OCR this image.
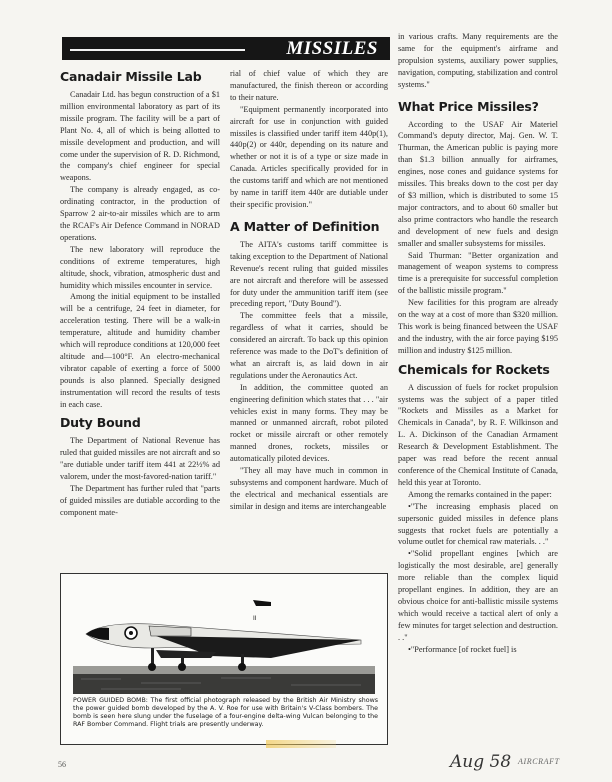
MISSILES
Canadair Missile Lab

Canadair Ltd. has begun construction of a $1 million environmental laboratory as part of its missile program. The facility will be a part of Plant No. 4, all of which is being allotted to missile development and production, and will come under the supervision of R. D. Richmond, the company's chief engineer for special weapons.

The company is already engaged, as co-ordinating contractor, in the production of Sparrow 2 air-to-air missiles which are to arm the RCAF's Air Defence Command in NORAD operations.

The new laboratory will reproduce the conditions of extreme temperatures, high altitude, shock, vibration, atmospheric dust and humidity which missiles encounter in service.

Among the initial equipment to be installed will be a centrifuge, 24 feet in diameter, for acceleration testing. There will be a walk-in temperature, altitude and humidity chamber which will reproduce conditions at 120,000 feet altitude and—100°F. An electro-mechanical vibrator capable of exerting a force of 5000 pounds is also planned. Specially designed instrumentation will record the results of tests in each case.

Duty Bound

The Department of National Revenue has ruled that guided missiles are not aircraft and so "are dutiable under tariff item 441 at 22½% ad valorem, under the most-favored-nation tariff."

The Department has further ruled that "parts of guided missiles are dutiable according to the component mate-

rial of chief value of which they are manufactured, the finish thereon or according to their nature.

"Equipment permanently incorporated into aircraft for use in conjunction with guided missiles is classified under tariff item 440p(1), 440p(2) or 440r, depending on its nature and whether or not it is of a type or size made in Canada. Articles specifically provided for in the customs tariff and which are not mentioned by name in tariff item 440r are dutiable under their specific provision."

A Matter of Definition

The AITA's customs tariff committee is taking exception to the Department of National Revenue's recent ruling that guided missiles are not aircraft and therefore will be assessed for duty under the ammunition tariff item (see preceding report, "Duty Bound").

The committee feels that a missile, regardless of what it carries, should be considered an aircraft. To back up this opinion reference was made to the DoT's definition of what an aircraft is, as laid down in air regulations under the Aeronautics Act.

In addition, the committee quoted an engineering definition which states that . . . "air vehicles exist in many forms. They may be manned or unmanned aircraft, robot piloted rocket or missile aircraft or other remotely manned drones, rockets, missiles or automatically piloted devices.

"They all may have much in common in subsystems and component hardware. Much of the electrical and mechanical essentials are similar in design and items are interchangeable

in various crafts. Many requirements are the same for the equipment's airframe and propulsion systems, auxiliary power supplies, navigation, computing, stabilization and control systems."

What Price Missiles?

According to the USAF Air Materiel Command's deputy director, Maj. Gen. W. T. Thurman, the American public is paying more than $1.3 billion annually for airframes, engines, nose cones and guidance systems for missiles. This breaks down to the cost per day of $3 million, which is distributed to some 15 major contractors, and to about 60 smaller but also prime contractors who handle the research and development of new fuels and design smaller and smaller subsystems for missiles.

Said Thurman: "Better organization and management of weapon systems to compress time is a prerequisite for successful completion of the ballistic missile program."

New facilities for this program are already on the way at a cost of more than $320 million. This work is being financed between the USAF and the industry, with the air force paying $195 million and industry $125 million.

Chemicals for Rockets

A discussion of fuels for rocket propulsion systems was the subject of a paper titled "Rockets and Missiles as a Market for Chemicals in Canada", by R. F. Wilkinson and L. A. Dickinson of the Canadian Armament Research & Development Establishment. The paper was read before the recent annual conference of the Chemical Institute of Canada, held this year at Toronto.

Among the remarks contained in the paper:

• "The increasing emphasis placed on supersonic guided missiles in defence plans suggests that rocket fuels are potentially a volume outlet for chemical raw materials. . ."

• "Solid propellant engines [which are logistically the most desirable, are] generally more reliable than the complex liquid propellant engines. In addition, they are an obvious choice for anti-ballistic missile systems which would receive a tactical alert of only a few minutes for target selection and destruction. . ."

• "Performance [of rocket fuel] is

II
POWER GUIDED BOMB: The first official photograph released by the British Air Ministry shows the power guided bomb developed by the A. V. Roe for use with Britain's V-Class bombers. The bomb is seen here slung under the fuselage of a four-engine delta-wing Vulcan belonging to the RAF Bomber Command. Flight trials are presently underway.
56	Aug 58 AIRCRAFT
